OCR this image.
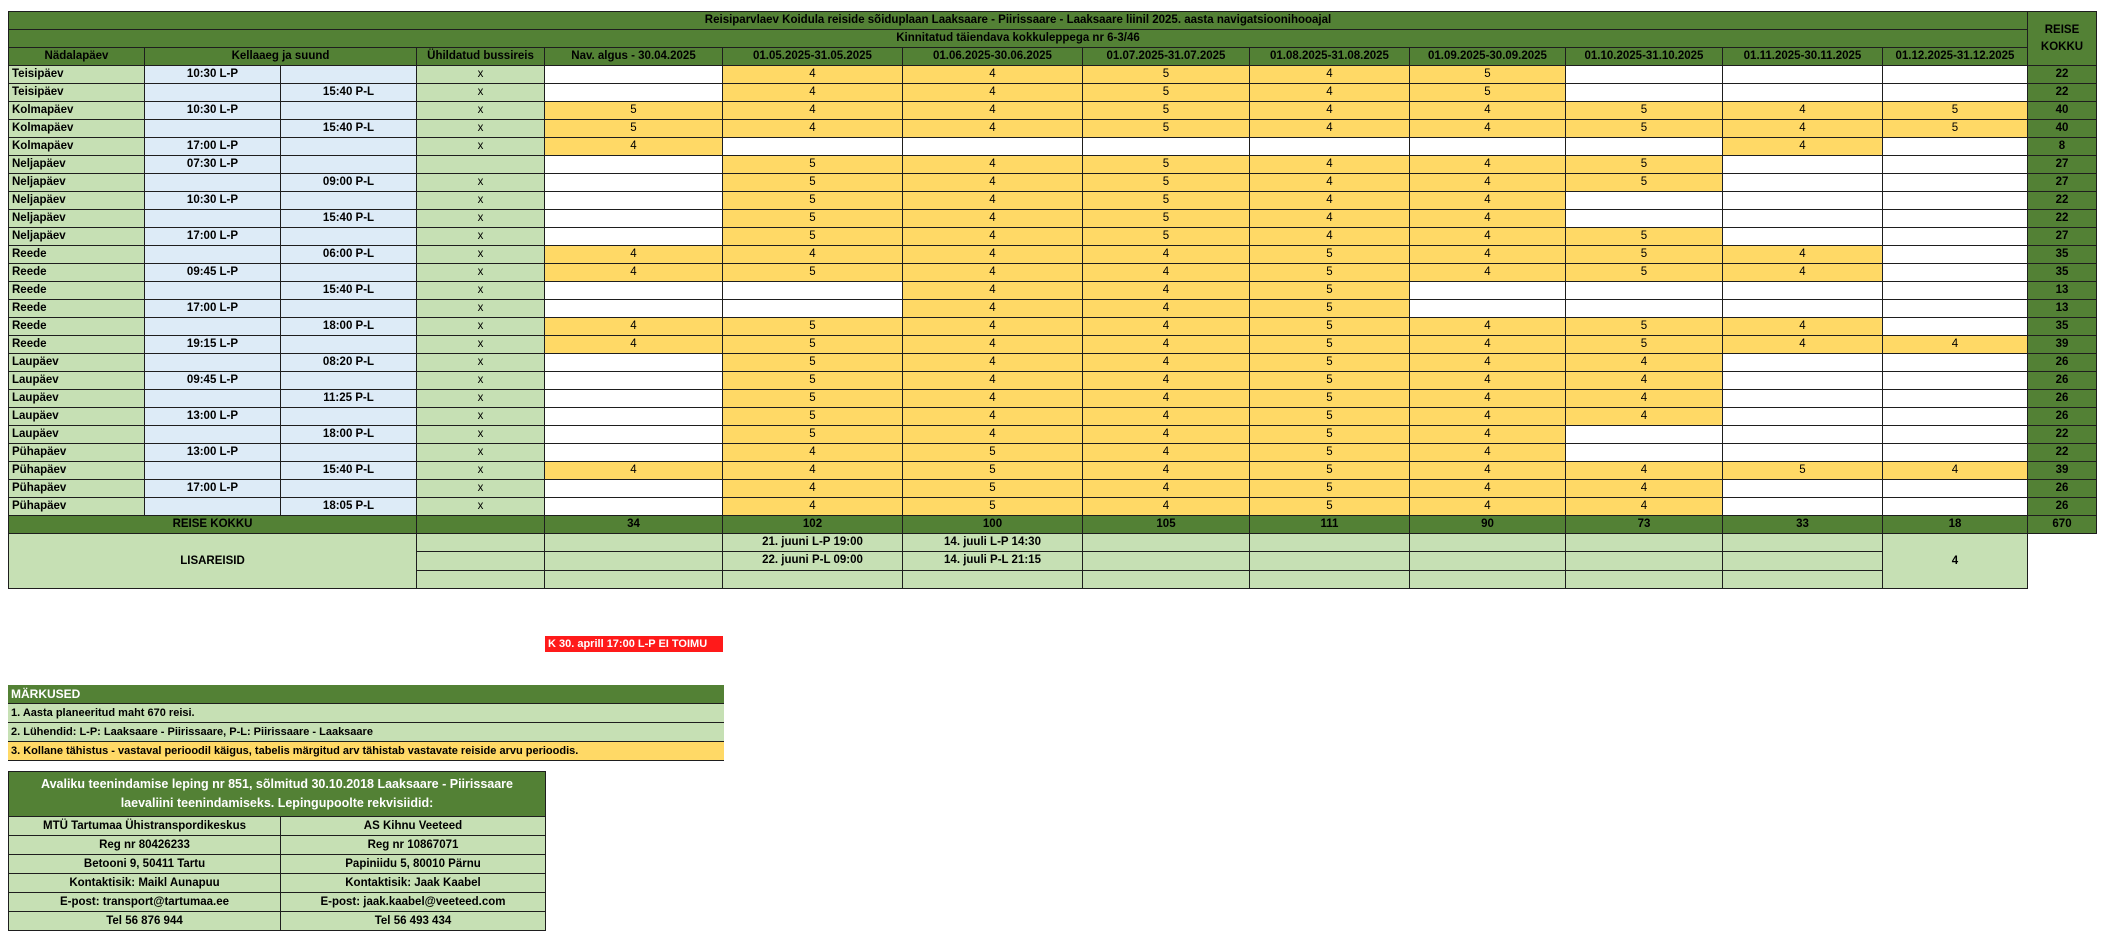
Reisiparvlaev Koidula reiside sõiduplaan Laaksaare - Piirissaare - Laaksaare liinil 2025. aasta navigatsioonihooajal													REISE KOKKU
Kinnitatud täiendava kokkuleppega nr 6-3/46													
Nädalapäev	Kellaaeg ja suund		Ühildatud bussireis	Nav. algus - 30.04.2025	01.05.2025-31.05.2025	01.06.2025-30.06.2025	01.07.2025-31.07.2025	01.08.2025-31.08.2025	01.09.2025-30.09.2025	01.10.2025-31.10.2025	01.11.2025-30.11.2025	01.12.2025-31.12.2025	
Teisipäev	10:30 L-P		x		4	4	5	4	5				22
Teisipäev		15:40 P-L	x		4	4	5	4	5				22
Kolmapäev	10:30 L-P		x	5	4	4	5	4	4	5	4	5	40
Kolmapäev		15:40 P-L	x	5	4	4	5	4	4	5	4	5	40
Kolmapäev	17:00 L-P		x	4							4		8
Neljapäev	07:30 L-P				5	4	5	4	4	5			27
Neljapäev		09:00 P-L	x		5	4	5	4	4	5			27
Neljapäev	10:30 L-P		x		5	4	5	4	4				22
Neljapäev		15:40 P-L	x		5	4	5	4	4				22
Neljapäev	17:00 L-P		x		5	4	5	4	4	5			27
Reede		06:00 P-L	x	4	4	4	4	5	4	5	4		35
Reede	09:45 L-P		x	4	5	4	4	5	4	5	4		35
Reede		15:40 P-L	x			4	4	5					13
Reede	17:00 L-P		x			4	4	5					13
Reede		18:00 P-L	x	4	5	4	4	5	4	5	4		35
Reede	19:15 L-P		x	4	5	4	4	5	4	5	4	4	39
Laupäev		08:20 P-L	x		5	4	4	5	4	4			26
Laupäev	09:45 L-P		x		5	4	4	5	4	4			26
Laupäev		11:25 P-L	x		5	4	4	5	4	4			26
Laupäev	13:00 L-P		x		5	4	4	5	4	4			26
Laupäev		18:00 P-L	x		5	4	4	5	4				22
Pühapäev	13:00 L-P		x		4	5	4	5	4				22
Pühapäev		15:40 P-L	x	4	4	5	4	5	4	4	5	4	39
Pühapäev	17:00 L-P		x		4	5	4	5	4	4			26
Pühapäev		18:05 P-L	x		4	5	4	5	4	4			26
REISE KOKKU				34	102	100	105	111	90	73	33	18	670
LISAREISID					21. juuni L-P 19:00	14. juuli L-P 14:30						4	
					22. juuni P-L 09:00	14. juuli P-L 21:15							

K 30. aprill 17:00 L-P EI TOIMU
MÄRKUSED
1. Aasta planeeritud maht 670 reisi.
2. Lühendid: L-P: Laaksaare - Piirissaare, P-L: Piirissaare - Laaksaare
3. Kollane tähistus - vastaval perioodil käigus, tabelis märgitud arv tähistab vastavate reiside arvu perioodis.
Avaliku teenindamise leping nr 851, sõlmitud 30.10.2018 Laaksaare - Piirissaare laevaliini teenindamiseks. Lepingupoolte rekvisiidid:	
MTÜ Tartumaa Ühistranspordikeskus	AS Kihnu Veeteed
Reg nr 80426233	Reg nr 10867071
Betooni 9, 50411 Tartu	Papiniidu 5, 80010 Pärnu
Kontaktisik: Maikl Aunapuu	Kontaktisik: Jaak Kaabel
E-post: transport@tartumaa.ee	E-post: jaak.kaabel@veeteed.com
Tel 56 876 944	Tel 56 493 434
